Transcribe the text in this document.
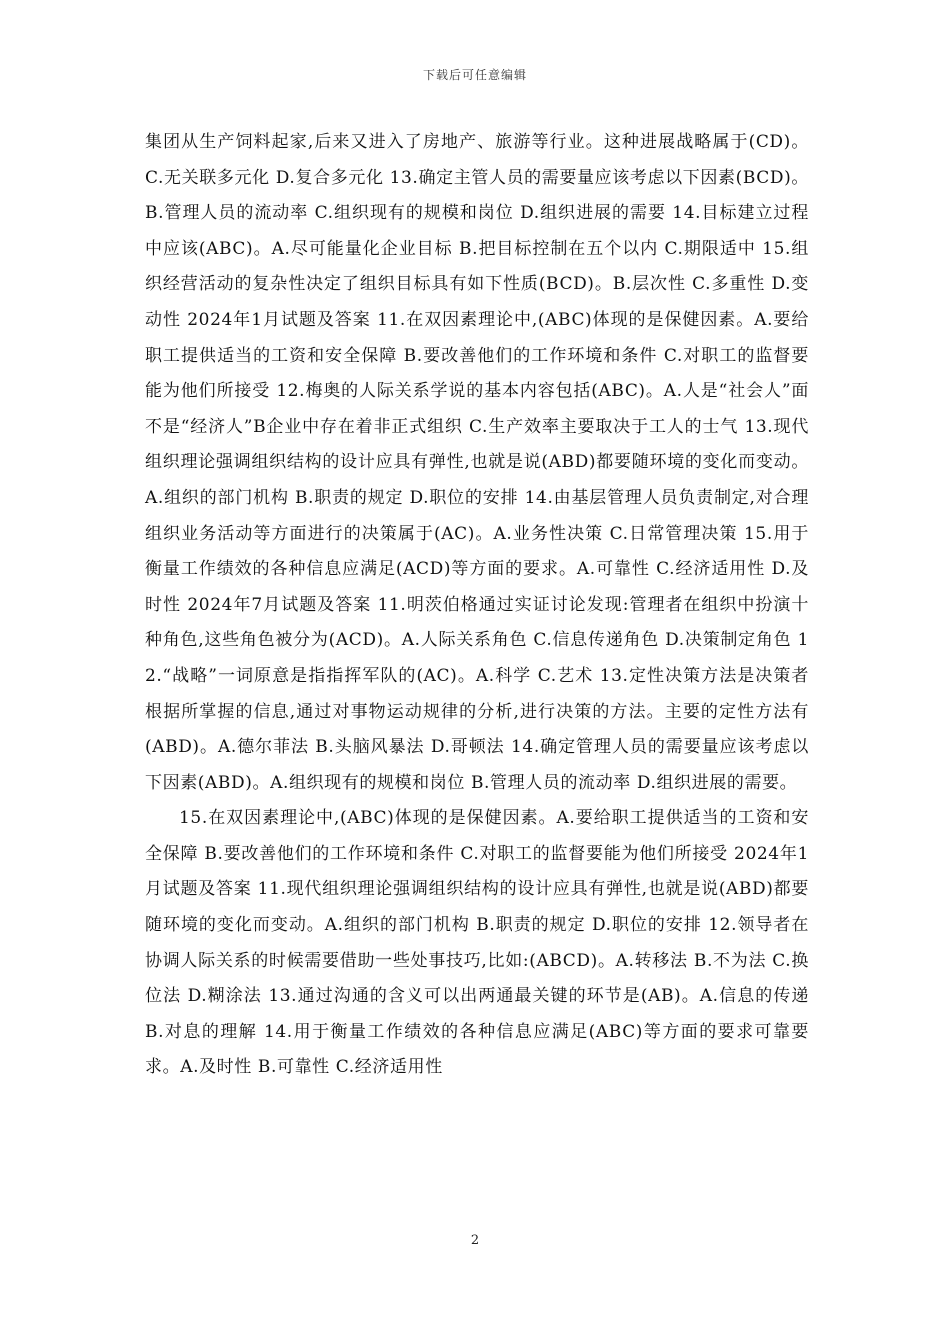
下载后可任意编辑

集团从生产饲料起家,后来又进入了房地产、旅游等行业。这种进展战略属于(CD)。C.无关联多元化 D.复合多元化 13.确定主管人员的需要量应该考虑以下因素(BCD)。B.管理人员的流动率 C.组织现有的规模和岗位 D.组织进展的需要 14.目标建立过程中应该(ABC)。A.尽可能量化企业目标 B.把目标控制在五个以内 C.期限适中 15.组织经营活动的复杂性决定了组织目标具有如下性质(BCD)。B.层次性 C.多重性 D.变动性 2024年1月试题及答案 11.在双因素理论中,(ABC)体现的是保健因素。A.要给职工提供适当的工资和安全保障 B.要改善他们的工作环境和条件 C.对职工的监督要能为他们所接受 12.梅奥的人际关系学说的基本内容包括(ABC)。A.人是“社会人”面不是“经济人”B企业中存在着非正式组织 C.生产效率主要取决于工人的士气 13.现代组织理论强调组织结构的设计应具有弹性,也就是说(ABD)都要随环境的变化而变动。A.组织的部门机构 B.职责的规定 D.职位的安排 14.由基层管理人员负责制定,对合理组织业务活动等方面进行的决策属于(AC)。A.业务性决策 C.日常管理决策 15.用于衡量工作绩效的各种信息应满足(ACD)等方面的要求。A.可靠性 C.经济适用性 D.及时性 2024年7月试题及答案 11.明茨伯格通过实证讨论发现:管理者在组织中扮演十种角色,这些角色被分为(ACD)。A.人际关系角色 C.信息传递角色 D.决策制定角色 12.“战略”一词原意是指指挥军队的(AC)。A.科学 C.艺术 13.定性决策方法是决策者根据所掌握的信息,通过对事物运动规律的分析,进行决策的方法。主要的定性方法有(ABD)。A.德尔菲法 B.头脑风暴法 D.哥顿法 14.确定管理人员的需要量应该考虑以下因素(ABD)。A.组织现有的规模和岗位 B.管理人员的流动率 D.组织进展的需要。

15.在双因素理论中,(ABC)体现的是保健因素。A.要给职工提供适当的工资和安全保障 B.要改善他们的工作环境和条件 C.对职工的监督要能为他们所接受 2024年1月试题及答案 11.现代组织理论强调组织结构的设计应具有弹性,也就是说(ABD)都要随环境的变化而变动。A.组织的部门机构 B.职责的规定 D.职位的安排 12.领导者在协调人际关系的时候需要借助一些处事技巧,比如:(ABCD)。A.转移法 B.不为法 C.换位法 D.糊涂法 13.通过沟通的含义可以出两通最关键的环节是(AB)。A.信息的传递 B.对息的理解 14.用于衡量工作绩效的各种信息应满足(ABC)等方面的要求可靠要求。A.及时性 B.可靠性 C.经济适用性

2
